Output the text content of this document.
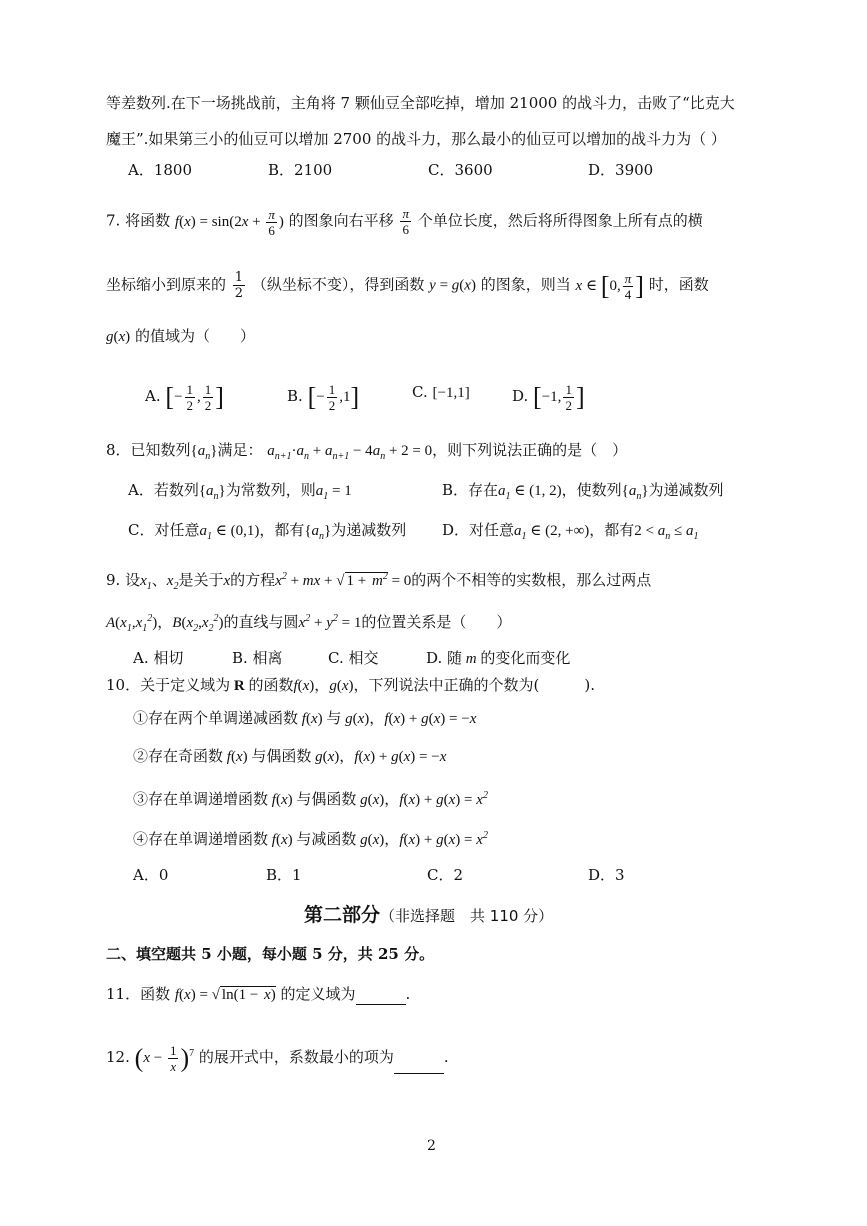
等差数列.在下一场挑战前，主角将 7 颗仙豆全部吃掉，增加 21000 的战斗力，击败了“比克大
魔王”.如果第三小的仙豆可以增加 2700 的战斗力，那么最小的仙豆可以增加的战斗力为（ ）
A．1800	B．2100	C．3600	D．3900
7. 将函数 $f(x) = \sin(2x + \frac{\pi}{6}$ ) 的图象向右平移 $\frac{\pi}{6}$ 个单位长度，然后将所得图象上所有点的横
坐标缩小到原来的 $\frac{1}{2}$ （纵坐标不变），得到函数 y = g(x) 的图象，则当 x ∈ [0, $\frac{\pi}{4}$ ] 时，函数
g(x) 的值域为（　　）
A. [− $\frac{1}{2}$ , $\frac{1}{2}$ ]	B. [− $\frac{1}{2} ,1$]	C. [−1,1]	D. [−1, $\frac{1}{2}$ ]
8．已知数列$\{a_n\}$满足： $a_{n+1}\cdot a_n + a_{n+1} - 4a_n + 2 = 0$，则下列说法正确的是（　）
A．若数列$\{a_n\}$为常数列，则$a_1 = 1$	B．存在$a_1$ ∈ (1, 2)，使数列$\{a_n\}$为递减数列
C．对任意$a_1$ ∈ (0,1)，都有$\{a_n\}$为递减数列 D．对任意$a_1$ ∈ (2, +∞)，都有$2 < a_n \le a_1$
9. 设$x_1$、$x_2$是关于x的方程$x^2$ + mx + √ $1 + m^2 = 0$的两个不相等的实数根，那么过两点
$A(x_1,x_1^2)$，$B(x_2,x_2^2)$的直线与圆$x^2 + y^2 = 1$的位置关系是（　　）
A. 相切	B. 相离	C. 相交	D. 随 m 的变化而变化
10．关于定义域为 R 的函数f(x)，g(x)，下列说法中正确的个数为(　　　).
①存在两个单调递减函数 f(x) 与 g(x)，f(x) + g(x) = −x
②存在奇函数 f(x) 与偶函数 g(x)，f(x) + g(x) = −x
③存在单调递增函数 f(x) 与偶函数 g(x)，$f(x) + g(x) = x^2$
④存在单调递增函数 f(x) 与减函数 g(x)，$f(x) + g(x) = x^2$
A．0	B．1	C．2	D．3
第二部分（非选择题　共 110 分）
二、填空题共 5 小题，每小题 5 分，共 25 分。
11．函数 f(x) = √ ln(1 − x) 的定义域为	.
12. $(x - \frac{1}{x} )^7$ 的展开式中，系数最小的项为	.
2
